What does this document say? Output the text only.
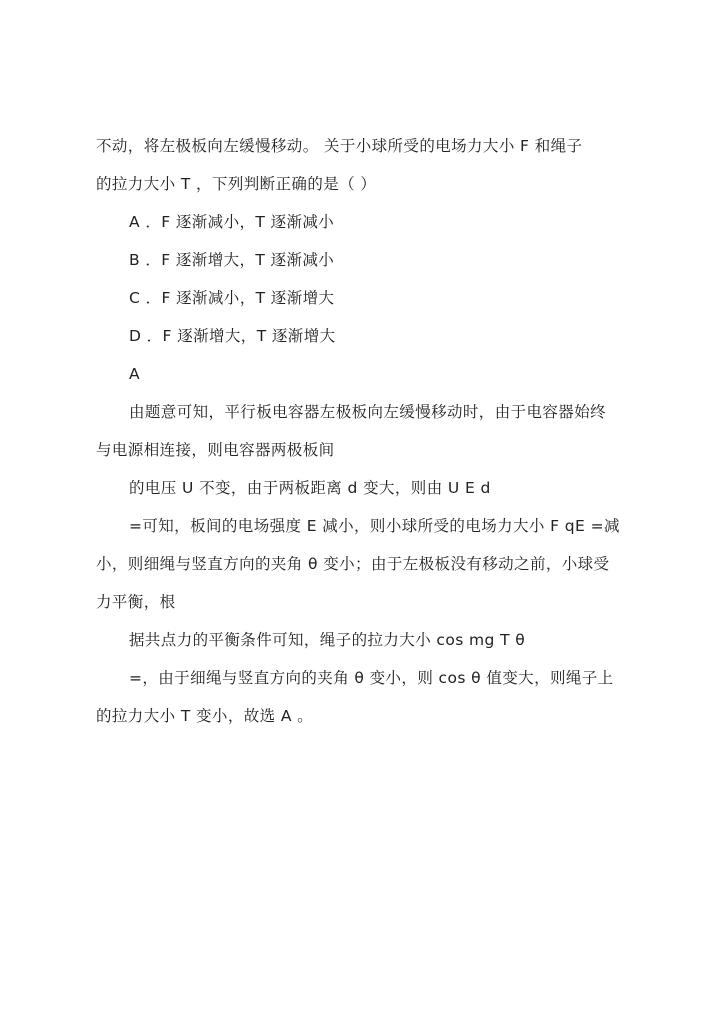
不动，将左极板向左缓慢移动。 关于小球所受的电场力大小 F 和绳子
的拉力大小 T ，下列判断正确的是（ ）
A ．F 逐渐减小，T 逐渐减小
B ．F 逐渐增大，T 逐渐减小
C ．F 逐渐减小，T 逐渐增大
D ．F 逐渐增大，T 逐渐增大
A
由题意可知，平行板电容器左极板向左缓慢移动时，由于电容器始终
与电源相连接，则电容器两极板间
的电压 U 不变，由于两板距离 d 变大，则由 U E d
=可知，板间的电场强度 E 减小，则小球所受的电场力大小 F qE =减
小，则细绳与竖直方向的夹角 θ 变小；由于左极板没有移动之前，小球受
力平衡，根
据共点力的平衡条件可知，绳子的拉力大小 cos mg T θ
=，由于细绳与竖直方向的夹角 θ 变小，则 cos θ 值变大，则绳子上
的拉力大小 T 变小，故选 A 。
